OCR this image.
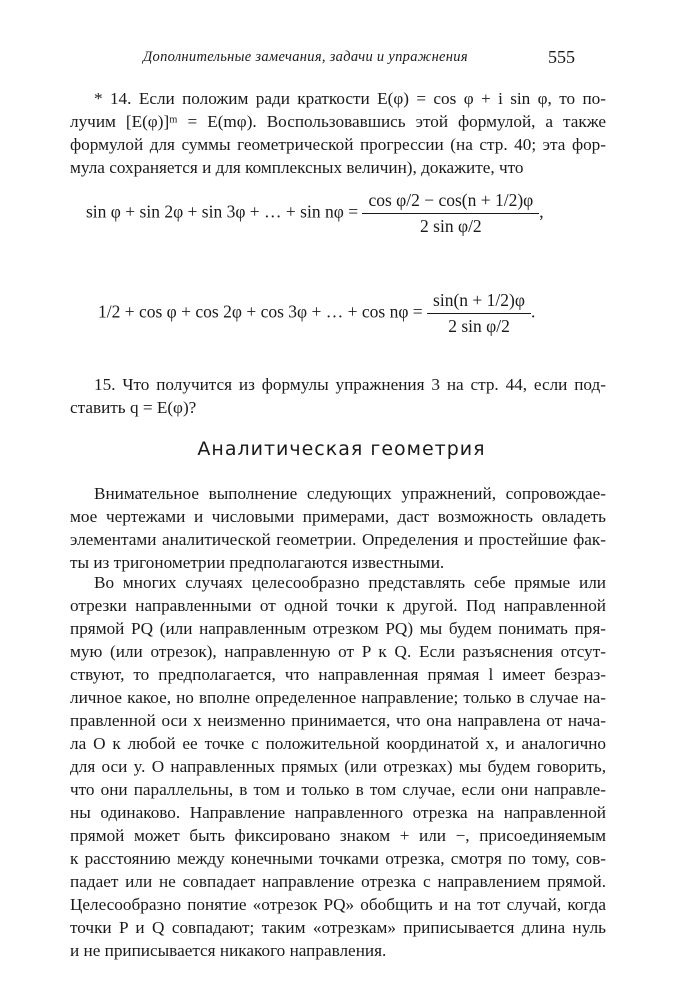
Дополнительные замечания, задачи и упражнения	555
* 14. Если положим ради краткости E(φ) = cos φ + i sin φ, то по-
лучим [E(φ)]ᵐ = E(mφ). Воспользовавшись этой формулой, а также
формулой для суммы геометрической прогрессии (на стр. 40; эта фор-
мула сохраняется и для комплексных величин), докажите, что
sin φ + sin 2φ + sin 3φ + … + $\sin n\varphi = \frac{\text{cos φ/2 − cos(n + 1/2)φ}}{\text{2 sin φ/2}}$ ,
1/2 + cos φ + cos 2φ + cos 3φ + … + $\cos n\varphi = \frac{\sin(n + 1/2)\varphi}{\text{2 sin φ/2}}$ .
15. Что получится из формулы упражнения 3 на стр. 44, если под-
ставить q = E(φ)?
Аналитическая геометрия
Внимательное выполнение следующих упражнений, сопровождае-
мое чертежами и числовыми примерами, даст возможность овладеть
элементами аналитической геометрии. Определения и простейшие фак-
ты из тригонометрии предполагаются известными.
Во многих случаях целесообразно представлять себе прямые или
отрезки направленными от одной точки к другой. Под направленной
прямой PQ (или направленным отрезком PQ) мы будем понимать пря-
мую (или отрезок), направленную от P к Q. Если разъяснения отсут-
ствуют, то предполагается, что направленная прямая l имеет безраз-
личное какое, но вполне определенное направление; только в случае на-
правленной оси x неизменно принимается, что она направлена от нача-
ла O к любой ее точке с положительной координатой x, и аналогично
для оси y. О направленных прямых (или отрезках) мы будем говорить,
что они параллельны, в том и только в том случае, если они направле-
ны одинаково. Направление направленного отрезка на направленной
прямой может быть фиксировано знаком + или −, присоединяемым
к расстоянию между конечными точками отрезка, смотря по тому, сов-
падает или не совпадает направление отрезка с направлением прямой.
Целесообразно понятие «отрезок PQ» обобщить и на тот случай, когда
точки P и Q совпадают; таким «отрезкам» приписывается длина нуль
и не приписывается никакого направления.
